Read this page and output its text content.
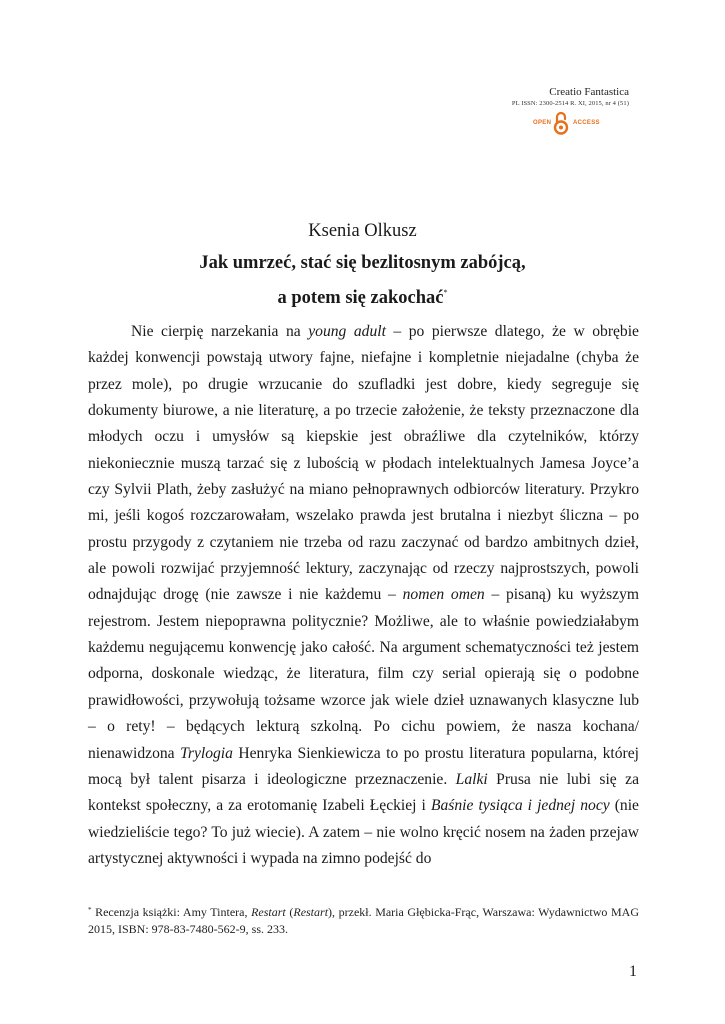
Creatio Fantastica
PL ISSN: 2300-2514 R. XI, 2015, nr 4 (51)
OPEN	ACCESS
Ksenia Olkusz
Jak umrzeć, stać się bezlitosnym zabójcą,
a potem się zakochać*

Nie cierpię narzekania na young adult – po pierwsze dlatego, że w obrębie każdej konwencji powstają utwory fajne, niefajne i kompletnie niejadalne (chyba że przez mole), po drugie wrzucanie do szufladki jest dobre, kiedy segreguje się dokumenty biurowe, a nie literaturę, a po trzecie założenie, że teksty przeznaczone dla młodych oczu i umysłów są kiepskie jest obraźliwe dla czytelników, którzy niekoniecznie muszą tarzać się z lubością w płodach intelektualnych Jamesa Joyce’a czy Sylvii Plath, żeby zasłużyć na miano pełnoprawnych odbiorców literatury. Przykro mi, jeśli kogoś rozczarowałam, wszelako prawda jest brutalna i niezbyt śliczna – po prostu przygody z czytaniem nie trzeba od razu zaczynać od bardzo ambitnych dzieł, ale powoli rozwijać przyjemność lektury, zaczynając od rzeczy najprostszych, powoli odnajdując drogę (nie zawsze i nie każdemu – nomen omen – pisaną) ku wyższym rejestrom. Jestem niepoprawna politycznie? Możliwe, ale to właśnie powiedziałabym każdemu negującemu konwencję jako całość. Na argument schematyczności też jestem odporna, doskonale wiedząc, że literatura, film czy serial opierają się o podobne prawidłowości, przywołują tożsame wzorce jak wiele dzieł uznawanych klasyczne lub – o rety! – będących lekturą szkolną. Po cichu powiem, że nasza kochana/ nienawidzona Trylogia Henryka Sienkiewicza to po prostu literatura popularna, której mocą był talent pisarza i ideologiczne przeznaczenie. Lalki Prusa nie lubi się za kontekst społeczny, a za erotomanię Izabeli Łęckiej i Baśnie tysiąca i jednej nocy (nie wiedzieliście tego? To już wiecie). A zatem – nie wolno kręcić nosem na żaden przejaw artystycznej aktywności i wypada na zimno podejść do

* Recenzja książki: Amy Tintera, Restart (Restart), przekł. Maria Głębicka-Frąc, Warszawa: Wydawnictwo MAG 2015, ISBN: 978-83-7480-562-9, ss. 233.
1
